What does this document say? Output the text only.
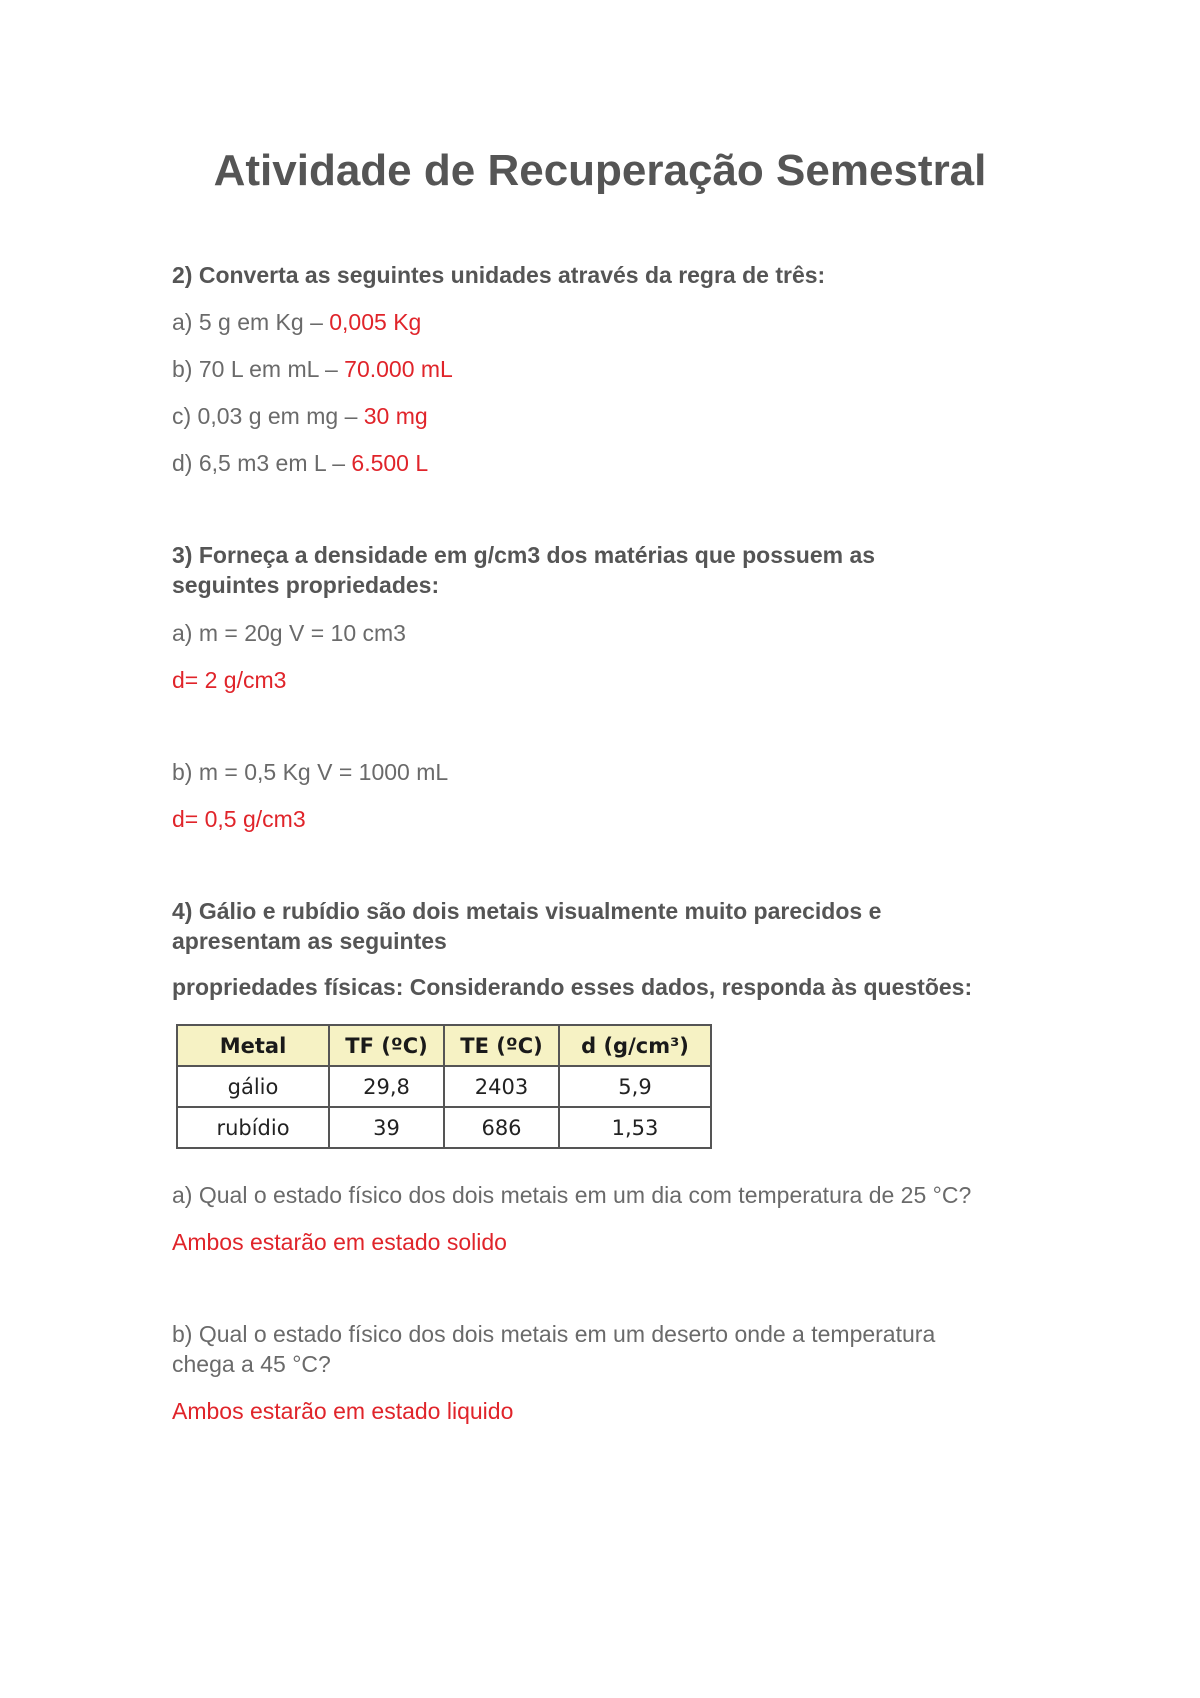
Atividade de Recuperação Semestral

2) Converta as seguintes unidades através da regra de três:

a) 5 g em Kg – 0,005 Kg

b) 70 L em mL – 70.000 mL

c) 0,03 g em mg – 30 mg

d) 6,5 m3 em L – 6.500 L

3) Forneça a densidade em g/cm3 dos matérias que possuem as

seguintes propriedades:

a) m = 20g V = 10 cm3

d= 2 g/cm3

b) m = 0,5 Kg V = 1000 mL

d= 0,5 g/cm3

4) Gálio e rubídio são dois metais visualmente muito parecidos e

apresentam as seguintes

propriedades físicas: Considerando esses dados, responda às questões:

Metal	TF (ºC)	TE (ºC)	d (g/cm³)
gálio	29,8	2403	5,9
rubídio	39	686	1,53

a) Qual o estado físico dos dois metais em um dia com temperatura de 25 °C?

Ambos estarão em estado solido

b) Qual o estado físico dos dois metais em um deserto onde a temperatura

chega a 45 °C?

Ambos estarão em estado liquido
